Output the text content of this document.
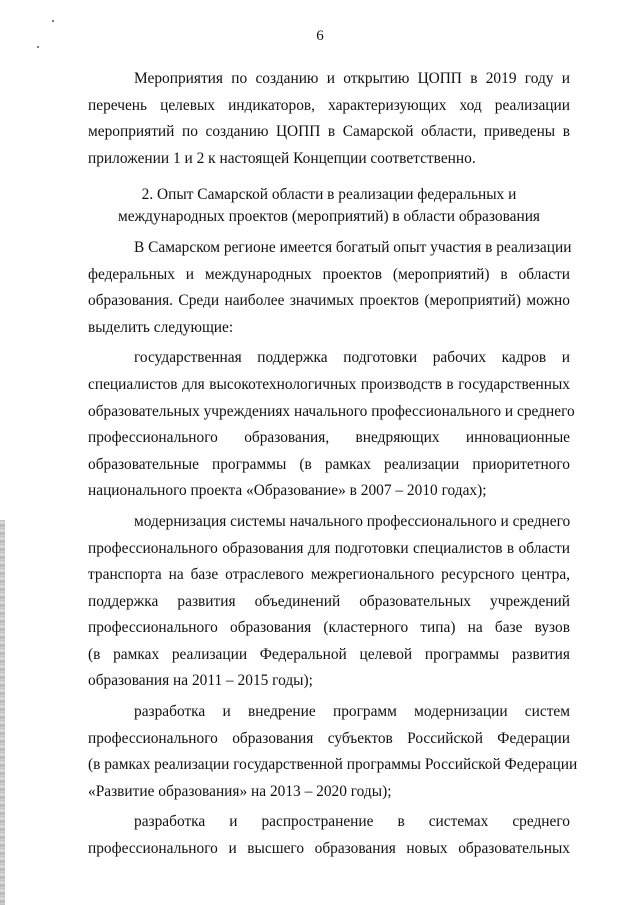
6
Мероприятия по созданию и открытию ЦОПП в 2019 году и
перечень целевых индикаторов, характеризующих ход реализации
мероприятий по созданию ЦОПП в Самарской области, приведены в
приложении 1 и 2 к настоящей Концепции соответственно.
2. Опыт Самарской области в реализации федеральных и
международных проектов (мероприятий) в области образования
В Самарском регионе имеется богатый опыт участия в реализации
федеральных и международных проектов (мероприятий) в области
образования. Среди наиболее значимых проектов (мероприятий) можно
выделить следующие:
государственная поддержка подготовки рабочих кадров и
специалистов для высокотехнологичных производств в государственных
образовательных учреждениях начального профессионального и среднего
профессионального образования, внедряющих инновационные
образовательные программы (в рамках реализации приоритетного
национального проекта «Образование» в 2007 – 2010 годах);
модернизация системы начального профессионального и среднего
профессионального образования для подготовки специалистов в области
транспорта на базе отраслевого межрегионального ресурсного центра,
поддержка развития объединений образовательных учреждений
профессионального образования (кластерного типа) на базе вузов
(в рамках реализации Федеральной целевой программы развития
образования на 2011 – 2015 годы);
разработка и внедрение программ модернизации систем
профессионального образования субъектов Российской Федерации
(в рамках реализации государственной программы Российской Федерации
«Развитие образования» на 2013 – 2020 годы);
разработка и распространение в системах среднего
профессионального и высшего образования новых образовательных
